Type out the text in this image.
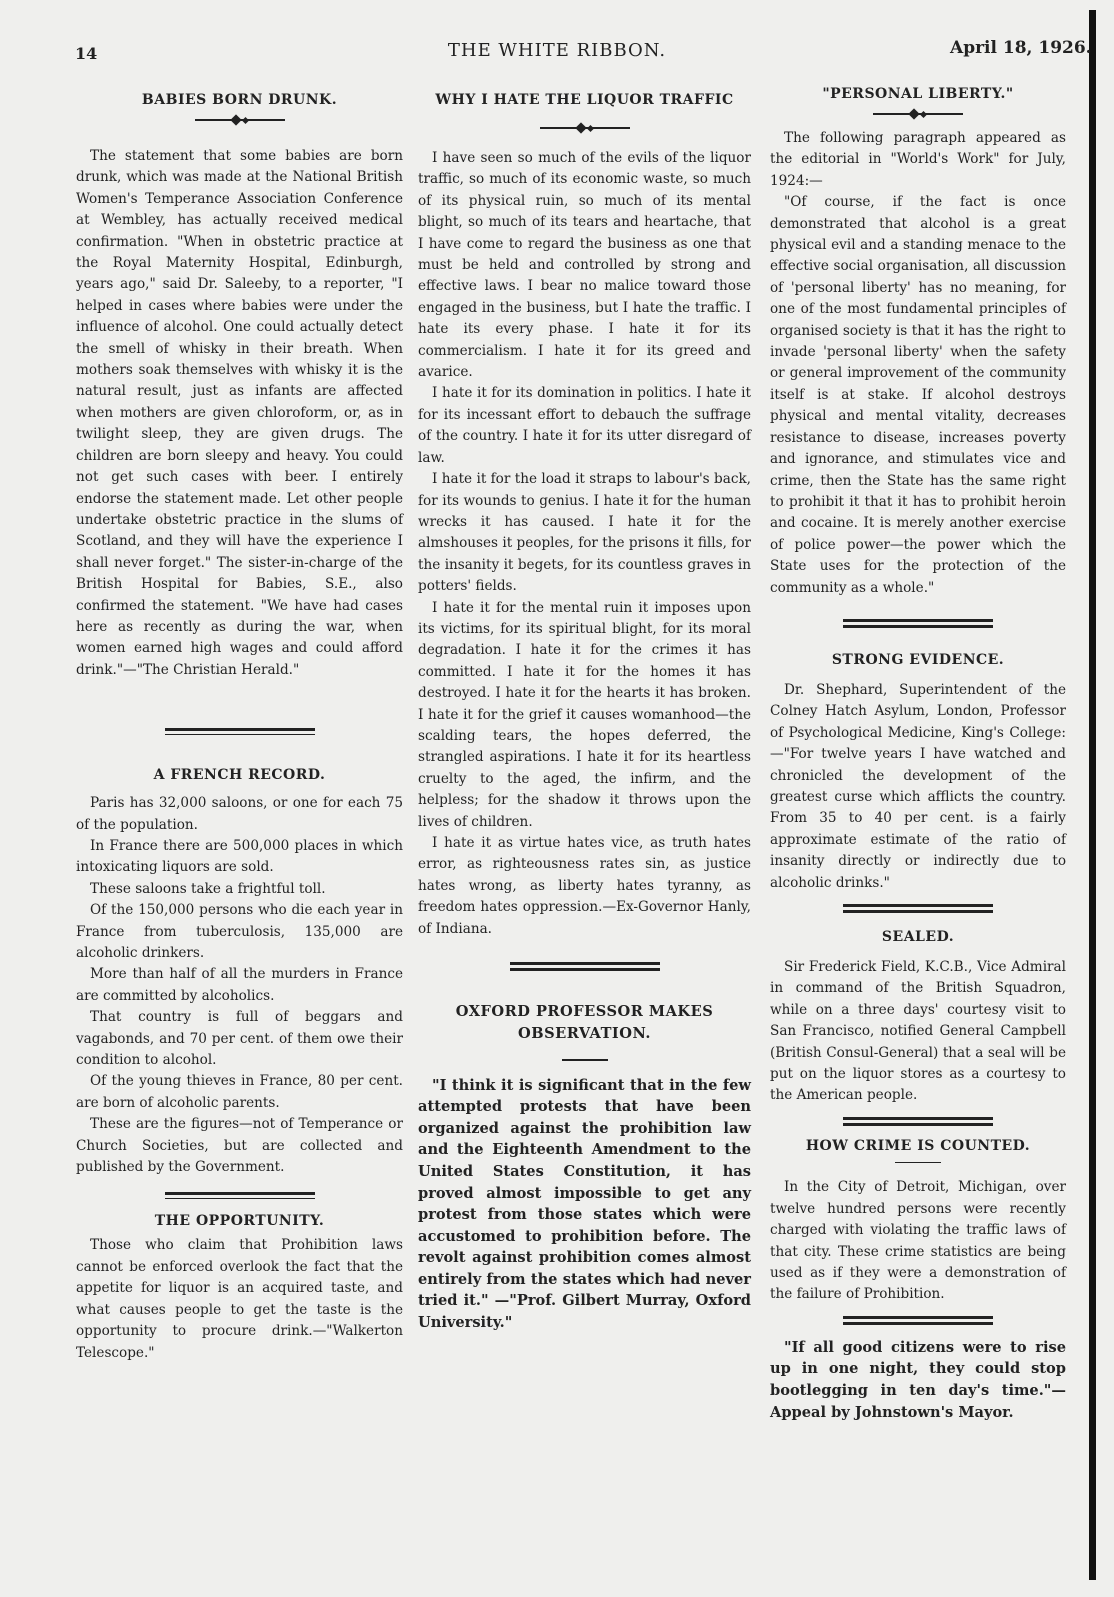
14	THE WHITE RIBBON.	April 18, 1926.
BABIES BORN DRUNK.

The statement that some babies are born drunk, which was made at the National British Women's Temperance Association Conference at Wembley, has actually received medical confirmation. "When in obstetric practice at the Royal Maternity Hospital, Edinburgh, years ago," said Dr. Saleeby, to a reporter, "I helped in cases where babies were under the influence of alcohol. One could actually detect the smell of whisky in their breath. When mothers soak themselves with whisky it is the natural result, just as infants are affected when mothers are given chloroform, or, as in twilight sleep, they are given drugs. The children are born sleepy and heavy. You could not get such cases with beer. I entirely endorse the statement made. Let other people undertake obstetric practice in the slums of Scotland, and they will have the experience I shall never forget." The sister-in-charge of the British Hospital for Babies, S.E., also confirmed the statement. "We have had cases here as recently as during the war, when women earned high wages and could afford drink."—"The Christian Herald."

A FRENCH RECORD.

Paris has 32,000 saloons, or one for each 75 of the population.

In France there are 500,000 places in which intoxicating liquors are sold.

These saloons take a frightful toll.

Of the 150,000 persons who die each year in France from tuberculosis, 135,000 are alcoholic drinkers.

More than half of all the murders in France are committed by alcoholics.

That country is full of beggars and vagabonds, and 70 per cent. of them owe their condition to alcohol.

Of the young thieves in France, 80 per cent. are born of alcoholic parents.

These are the figures—not of Temperance or Church Societies, but are collected and published by the Government.

THE OPPORTUNITY.

Those who claim that Prohibition laws cannot be enforced overlook the fact that the appetite for liquor is an acquired taste, and what causes people to get the taste is the opportunity to procure drink.—"Walkerton Telescope."

WHY I HATE THE LIQUOR TRAFFIC

I have seen so much of the evils of the liquor traffic, so much of its economic waste, so much of its physical ruin, so much of its mental blight, so much of its tears and heartache, that I have come to regard the business as one that must be held and controlled by strong and effective laws. I bear no malice toward those engaged in the business, but I hate the traffic. I hate its every phase. I hate it for its commercialism. I hate it for its greed and avarice.

I hate it for its domination in politics. I hate it for its incessant effort to debauch the suffrage of the country. I hate it for its utter disregard of law.

I hate it for the load it straps to labour's back, for its wounds to genius. I hate it for the human wrecks it has caused. I hate it for the almshouses it peoples, for the prisons it fills, for the insanity it begets, for its countless graves in potters' fields.

I hate it for the mental ruin it imposes upon its victims, for its spiritual blight, for its moral degradation. I hate it for the crimes it has committed. I hate it for the homes it has destroyed. I hate it for the hearts it has broken. I hate it for the grief it causes womanhood—the scalding tears, the hopes deferred, the strangled aspirations. I hate it for its heartless cruelty to the aged, the infirm, and the helpless; for the shadow it throws upon the lives of children.

I hate it as virtue hates vice, as truth hates error, as righteousness rates sin, as justice hates wrong, as liberty hates tyranny, as freedom hates oppression.—Ex-Governor Hanly, of Indiana.

OXFORD PROFESSOR MAKES OBSERVATION.

"I think it is significant that in the few attempted protests that have been organized against the prohibition law and the Eighteenth Amendment to the United States Constitution, it has proved almost impossible to get any protest from those states which were accustomed to prohibition before. The revolt against prohibition comes almost entirely from the states which had never tried it." —"Prof. Gilbert Murray, Oxford University."

"PERSONAL LIBERTY."

The following paragraph appeared as the editorial in "World's Work" for July, 1924:—

"Of course, if the fact is once demonstrated that alcohol is a great physical evil and a standing menace to the effective social organisation, all discussion of 'personal liberty' has no meaning, for one of the most fundamental principles of organised society is that it has the right to invade 'personal liberty' when the safety or general improvement of the community itself is at stake. If alcohol destroys physical and mental vitality, decreases resistance to disease, increases poverty and ignorance, and stimulates vice and crime, then the State has the same right to prohibit it that it has to prohibit heroin and cocaine. It is merely another exercise of police power—the power which the State uses for the protection of the community as a whole."

STRONG EVIDENCE.

Dr. Shephard, Superintendent of the Colney Hatch Asylum, London, Professor of Psychological Medicine, King's College:—"For twelve years I have watched and chronicled the development of the greatest curse which afflicts the country. From 35 to 40 per cent. is a fairly approximate estimate of the ratio of insanity directly or indirectly due to alcoholic drinks."

SEALED.

Sir Frederick Field, K.C.B., Vice Admiral in command of the British Squadron, while on a three days' courtesy visit to San Francisco, notified General Campbell (British Consul-General) that a seal will be put on the liquor stores as a courtesy to the American people.

HOW CRIME IS COUNTED.

In the City of Detroit, Michigan, over twelve hundred persons were recently charged with violating the traffic laws of that city. These crime statistics are being used as if they were a demonstration of the failure of Prohibition.

"If all good citizens were to rise up in one night, they could stop bootlegging in ten day's time."—Appeal by Johnstown's Mayor.
